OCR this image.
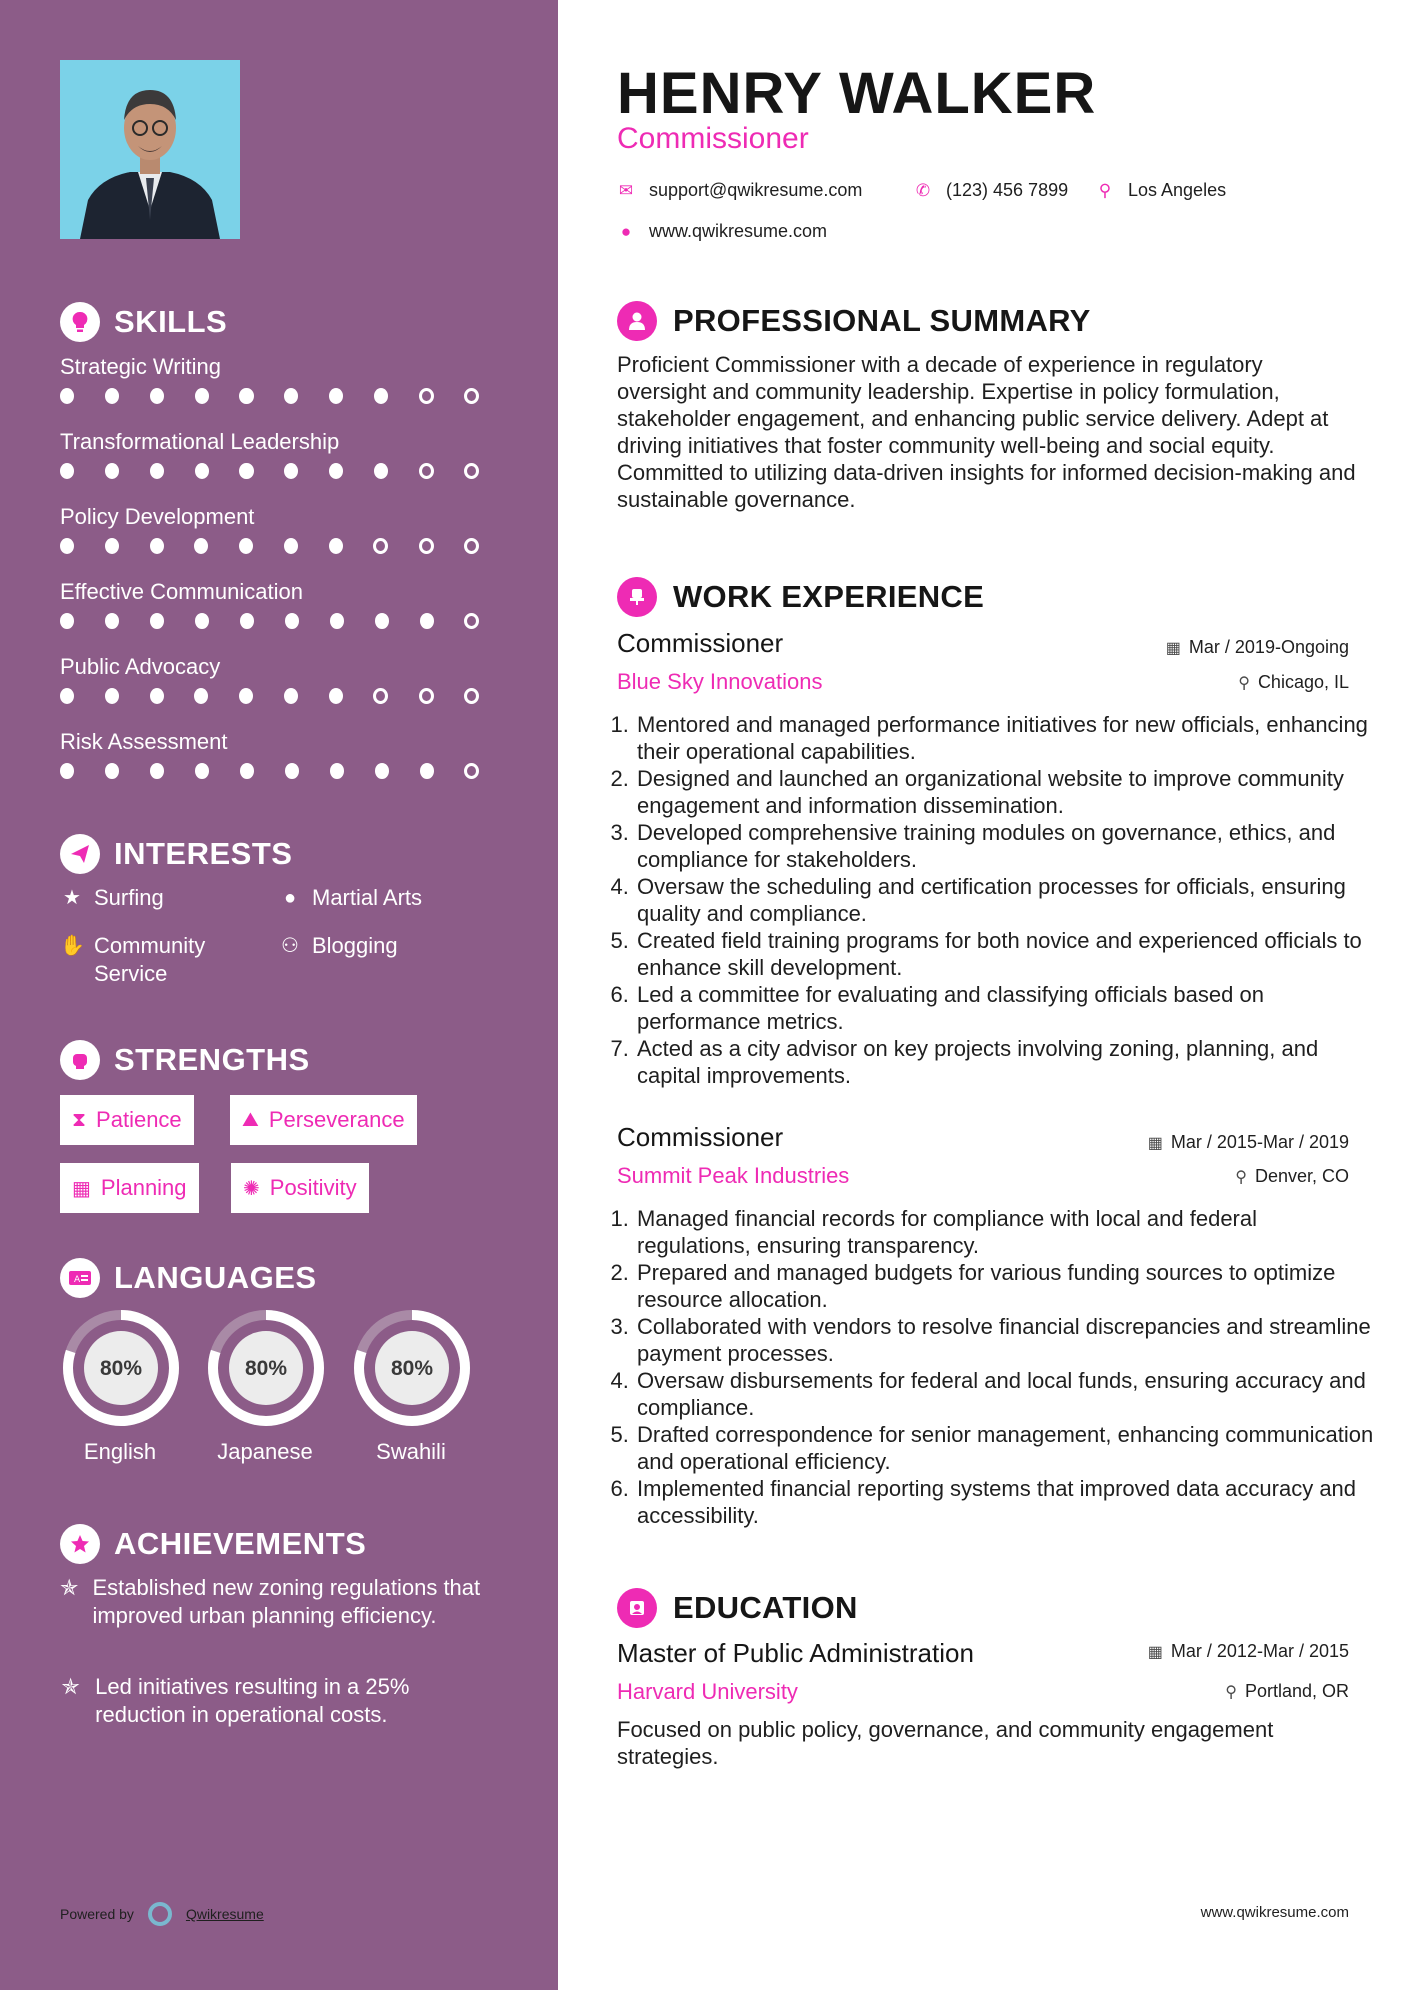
SKILLS
Strategic Writing
Transformational Leadership
Policy Development
Effective Communication
Public Advocacy
Risk Assessment
INTERESTS
★ Surfing	● Martial Arts
✋ Community Service
⚇ Blogging
STRENGTHS
⧗ Patience	⛰ Perseverance
▦ Planning	✺ Positivity
A LANGUAGES
80%
English
80%
Japanese
80%
Swahili
ACHIEVEMENTS
✯ Established new zoning regulations that improved urban planning efficiency.
✯ Led initiatives resulting in a 25% reduction in operational costs.
Powered by	Qwikresume
HENRY WALKER
Commissioner
✉ support@qwikresume.com	✆ (123) 456 7899 ⚲ Los Angeles
● www.qwikresume.com
PROFESSIONAL SUMMARY
Proficient Commissioner with a decade of experience in regulatory oversight and community leadership. Expertise in policy formulation, stakeholder engagement, and enhancing public service delivery. Adept at driving initiatives that foster community well-being and social equity. Committed to utilizing data-driven insights for informed decision-making and sustainable governance.
WORK EXPERIENCE
Commissioner	▦ Mar / 2019-Ongoing
Blue Sky Innovations	⚲ Chicago, IL
1. Mentored and managed performance initiatives for new officials, enhancing their operational capabilities.
2. Designed and launched an organizational website to improve community engagement and information dissemination.
3. Developed comprehensive training modules on governance, ethics, and compliance for stakeholders.
4. Oversaw the scheduling and certification processes for officials, ensuring quality and compliance.
5. Created field training programs for both novice and experienced officials to enhance skill development.
6. Led a committee for evaluating and classifying officials based on performance metrics.
7. Acted as a city advisor on key projects involving zoning, planning, and capital improvements.
Commissioner	▦ Mar / 2015-Mar / 2019
Summit Peak Industries	⚲ Denver, CO
1. Managed financial records for compliance with local and federal regulations, ensuring transparency.
2. Prepared and managed budgets for various funding sources to optimize resource allocation.
3. Collaborated with vendors to resolve financial discrepancies and streamline payment processes.
4. Oversaw disbursements for federal and local funds, ensuring accuracy and compliance.
5. Drafted correspondence for senior management, enhancing communication and operational efficiency.
6. Implemented financial reporting systems that improved data accuracy and accessibility.
EDUCATION
Master of Public Administration	▦ Mar / 2012-Mar / 2015
Harvard University	⚲ Portland, OR
Focused on public policy, governance, and community engagement strategies.
www.qwikresume.com
